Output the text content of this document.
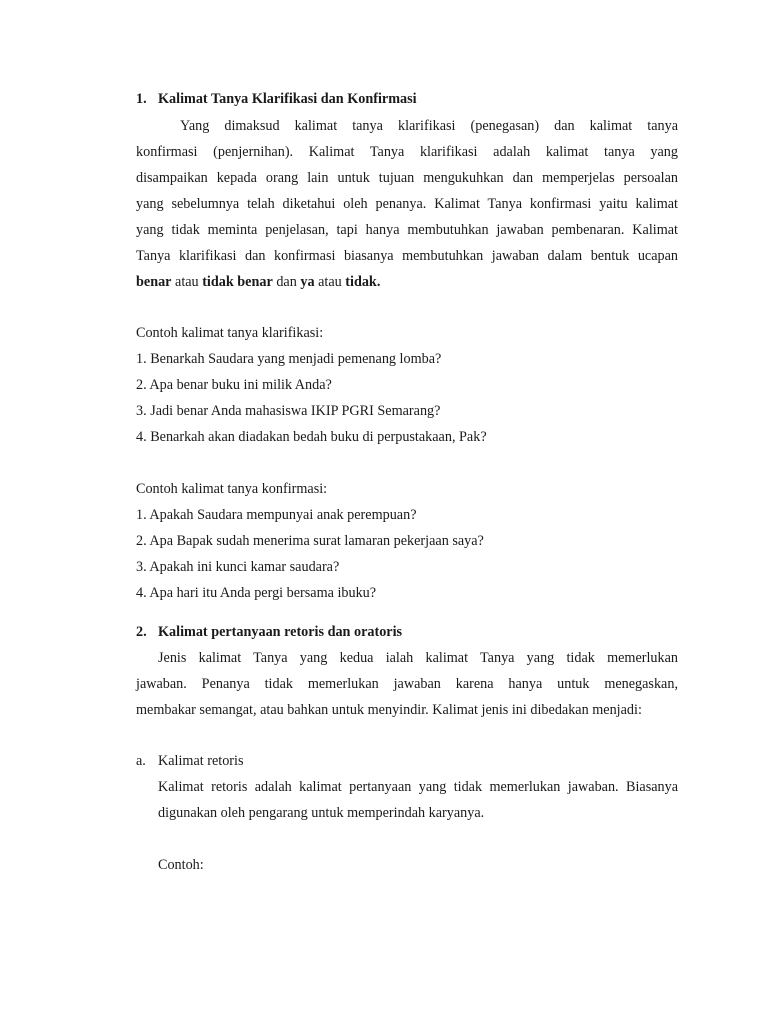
1. Kalimat Tanya Klarifikasi dan Konfirmasi
Yang dimaksud kalimat tanya klarifikasi (penegasan) dan kalimat tanya
konfirmasi (penjernihan). Kalimat Tanya klarifikasi adalah kalimat tanya yang
disampaikan kepada orang lain untuk tujuan mengukuhkan dan memperjelas persoalan
yang sebelumnya telah diketahui oleh penanya. Kalimat Tanya konfirmasi yaitu kalimat
yang tidak meminta penjelasan, tapi hanya membutuhkan jawaban pembenaran. Kalimat
Tanya klarifikasi dan konfirmasi biasanya membutuhkan jawaban dalam bentuk ucapan
benar atau tidak benar dan ya atau tidak.
Contoh kalimat tanya klarifikasi:
1. Benarkah Saudara yang menjadi pemenang lomba?
2. Apa benar buku ini milik Anda?
3. Jadi benar Anda mahasiswa IKIP PGRI Semarang?
4. Benarkah akan diadakan bedah buku di perpustakaan, Pak?
Contoh kalimat tanya konfirmasi:
1. Apakah Saudara mempunyai anak perempuan?
2. Apa Bapak sudah menerima surat lamaran pekerjaan saya?
3. Apakah ini kunci kamar saudara?
4. Apa hari itu Anda pergi bersama ibuku?
2. Kalimat pertanyaan retoris dan oratoris
Jenis kalimat Tanya yang kedua ialah kalimat Tanya yang tidak memerlukan
jawaban. Penanya tidak memerlukan jawaban karena hanya untuk menegaskan,
membakar semangat, atau bahkan untuk menyindir. Kalimat jenis ini dibedakan menjadi:
a. Kalimat retoris
Kalimat retoris adalah kalimat pertanyaan yang tidak memerlukan jawaban. Biasanya
digunakan oleh pengarang untuk memperindah karyanya.
Contoh:
